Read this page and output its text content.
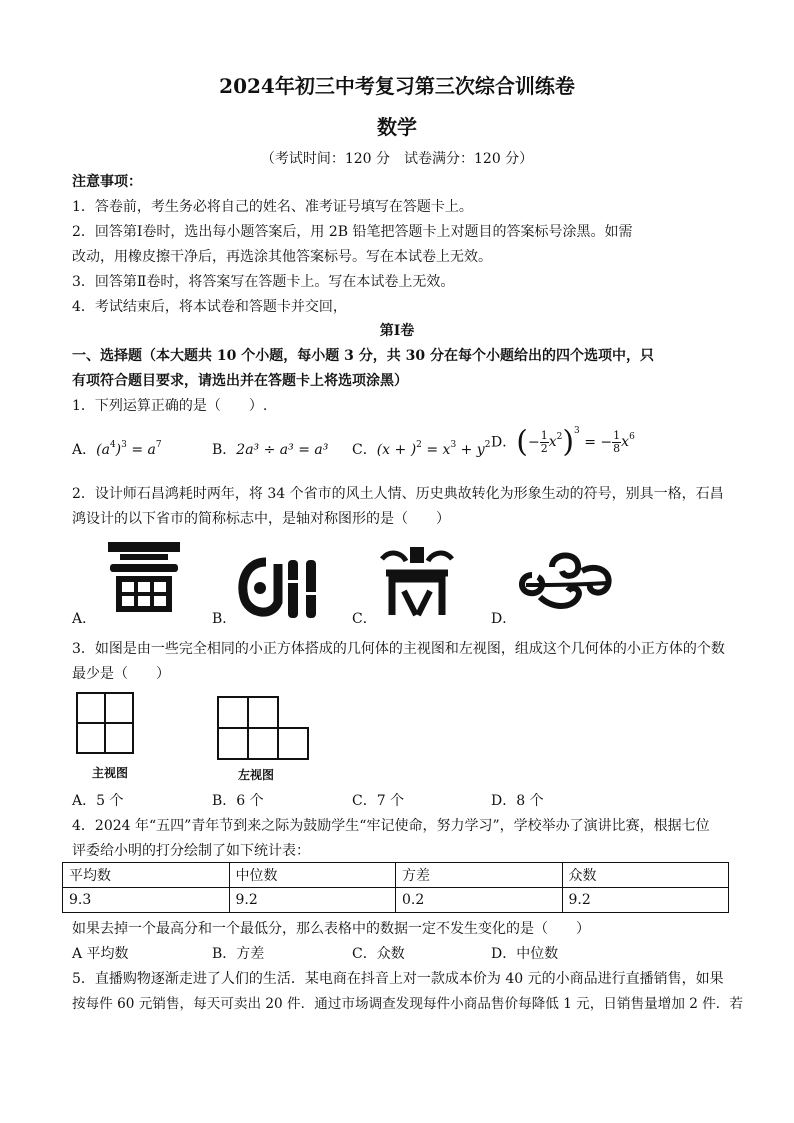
2024年初三中考复习第三次综合训练卷
数学
（考试时间：120 分　试卷满分：120 分）
注意事项：
1．答卷前，考生务必将自己的姓名、准考证号填写在答题卡上。
2．回答第Ⅰ卷时，选出每小题答案后，用 2B 铅笔把答题卡上对题目的答案标号涂黑。如需
改动，用橡皮擦干净后，再选涂其他答案标号。写在本试卷上无效。
3．回答第Ⅱ卷时，将答案写在答题卡上。写在本试卷上无效。
4．考试结束后，将本试卷和答题卡并交回，
第Ⅰ卷
一、选择题（本大题共 10 个小题，每小题 3 分，共 30 分在每个小题给出的四个选项中，只
有项符合题目要求，请选出并在答题卡上将选项涂黑）
1．下列运算正确的是（　　）.
A．$(a^4)^3 = a^7$	B．2a³ ÷ a³ = a³ C．$(x + )^2 = x^3 + y^2$ D．(− $\frac{1}{2} x^2)^3$ = − $\frac{1}{8} x^6$
2．设计师石昌鸿耗时两年，将 34 个省市的风土人情、历史典故转化为形象生动的符号，别具一格，石昌
鸿设计的以下省市的简称标志中，是轴对称图形的是（　　）
A．	B．	C．	D．
3．如图是由一些完全相同的小正方体搭成的几何体的主视图和左视图，组成这个几何体的小正方体的个数
最少是（　　）
主视图	左视图
A．5 个	B．6 个	C．7 个	D．8 个
4．2024 年“五四”青年节到来之际为鼓励学生“牢记使命，努力学习”，学校举办了演讲比赛，根据七位
评委给小明的打分绘制了如下统计表：
平均数	中位数	方差	众数
9.3	9.2	0.2	9.2
如果去掉一个最高分和一个最低分，那么表格中的数据一定不发生变化的是（　　）
A 平均数	B．方差	C．众数	D．中位数
5．直播购物逐渐走进了人们的生活．某电商在抖音上对一款成本价为 40 元的小商品进行直播销售，如果
按每件 60 元销售，每天可卖出 20 件．通过市场调查发现每件小商品售价每降低 1 元，日销售量增加 2 件．若
